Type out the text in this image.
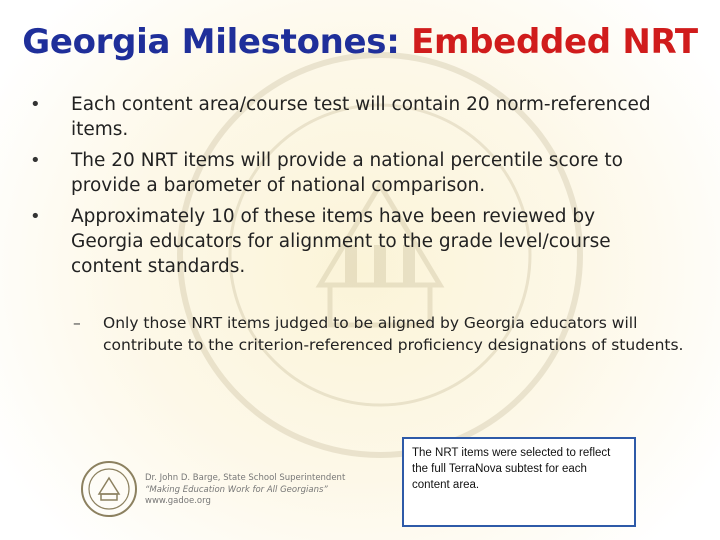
Georgia Milestones: Embedded NRT
• Each content area/course test will contain 20 norm-referenced items.
• The 20 NRT items will provide a national percentile score to provide a barometer of national comparison.
• Approximately 10 of these items have been reviewed by Georgia educators for alignment to the grade level/course content standards.
– Only those NRT items judged to be aligned by Georgia educators will contribute to the criterion-referenced proficiency designations of students.
Dr. John D. Barge, State School Superintendent
“Making Education Work for All Georgians”
www.gadoe.org
The NRT items were selected to reflect the full TerraNova subtest for each content area.
